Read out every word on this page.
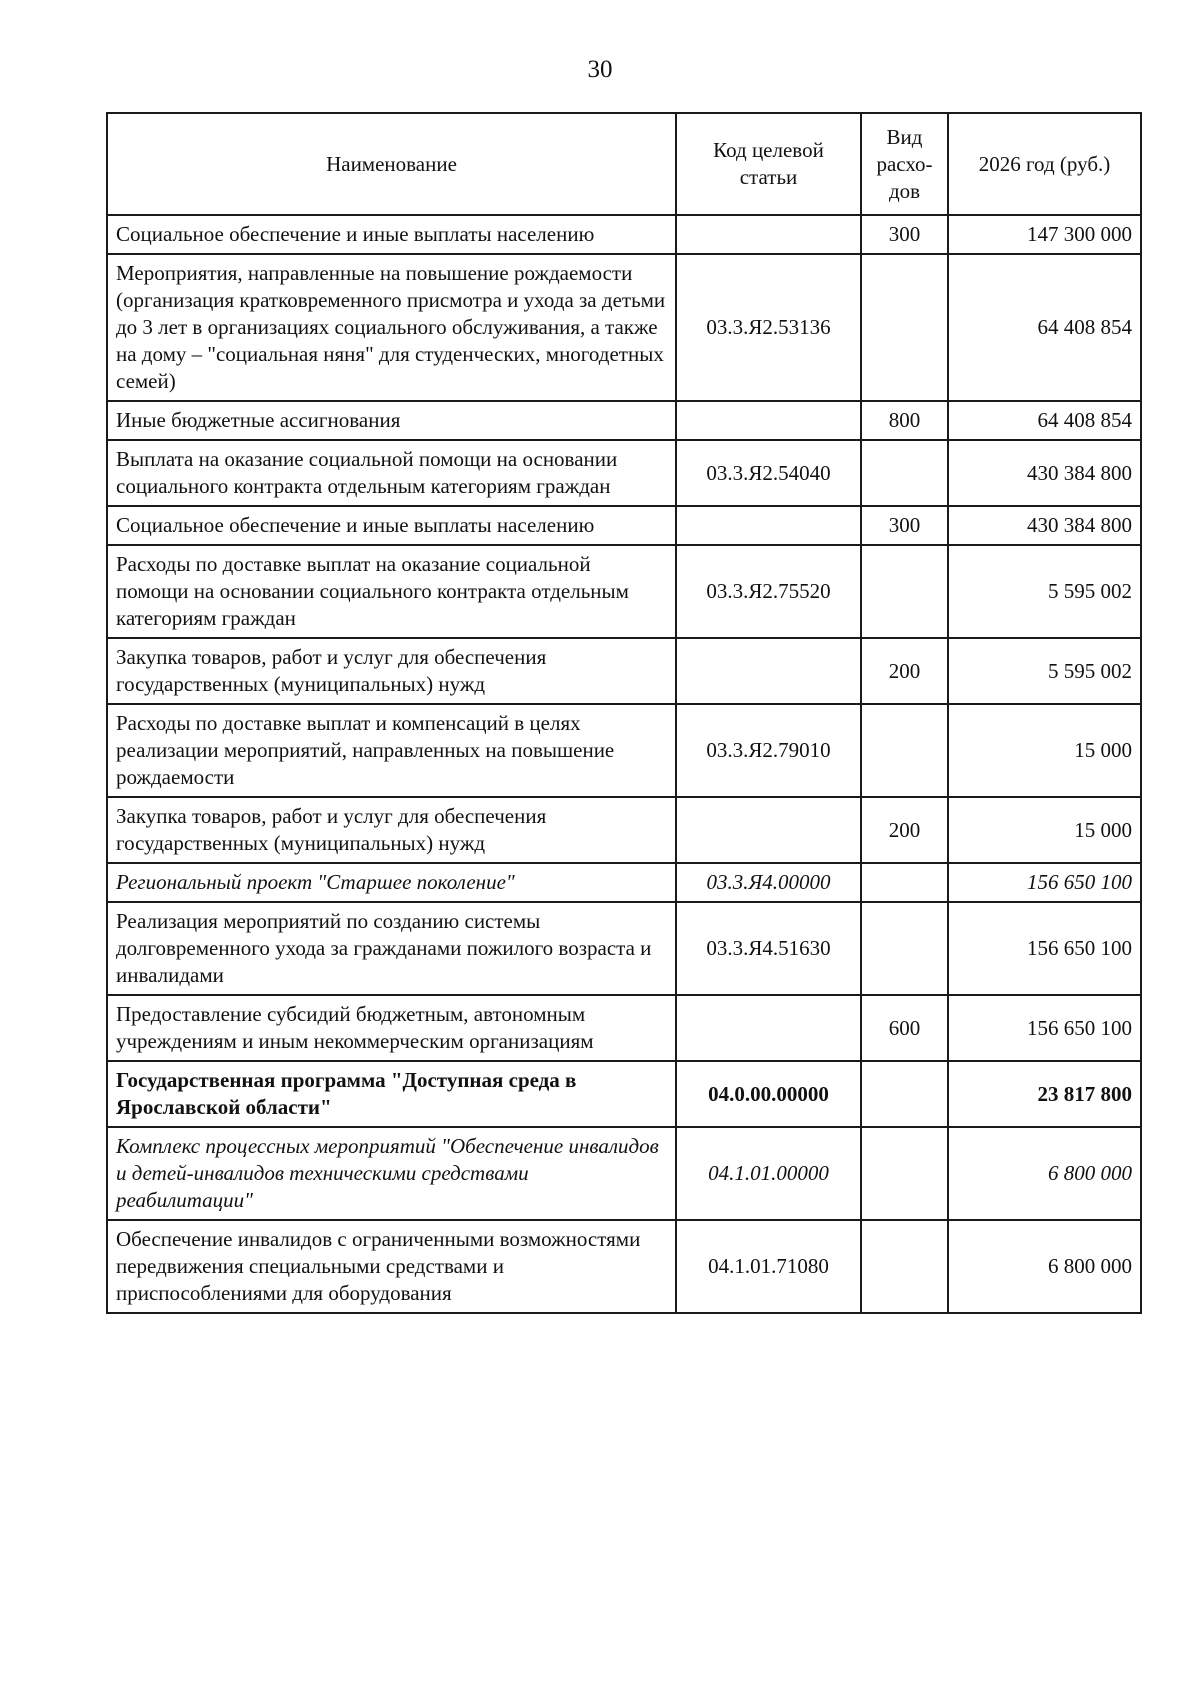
30
Наименование	Код целевой статьи	Вид расхо-дов	2026 год (руб.)
Социальное обеспечение и иные выплаты населению		300	147 300 000
Мероприятия, направленные на повышение рождаемости (организация кратковременного присмотра и ухода за детьми до 3 лет в организациях социального обслуживания, а также на дому – "социальная няня" для студенческих, многодетных семей)	03.3.Я2.53136		64 408 854
Иные бюджетные ассигнования		800	64 408 854
Выплата на оказание социальной помощи на основании социального контракта отдельным категориям граждан	03.3.Я2.54040		430 384 800
Социальное обеспечение и иные выплаты населению		300	430 384 800
Расходы по доставке выплат на оказание социальной помощи на основании социального контракта отдельным категориям граждан	03.3.Я2.75520		5 595 002
Закупка товаров, работ и услуг для обеспечения государственных (муниципальных) нужд		200	5 595 002
Расходы по доставке выплат и компенсаций в целях реализации мероприятий, направленных на повышение рождаемости	03.3.Я2.79010		15 000
Закупка товаров, работ и услуг для обеспечения государственных (муниципальных) нужд		200	15 000
Региональный проект "Старшее поколение"	03.3.Я4.00000		156 650 100
Реализация мероприятий по созданию системы долговременного ухода за гражданами пожилого возраста и инвалидами	03.3.Я4.51630		156 650 100
Предоставление субсидий бюджетным, автономным учреждениям и иным некоммерческим организациям		600	156 650 100
Государственная программа "Доступная среда в Ярославской области"	04.0.00.00000		23 817 800
Комплекс процессных мероприятий "Обеспечение инвалидов и детей-инвалидов техническими средствами реабилитации"	04.1.01.00000		6 800 000
Обеспечение инвалидов с ограниченными возможностями передвижения специальными средствами и приспособлениями для оборудования	04.1.01.71080		6 800 000
